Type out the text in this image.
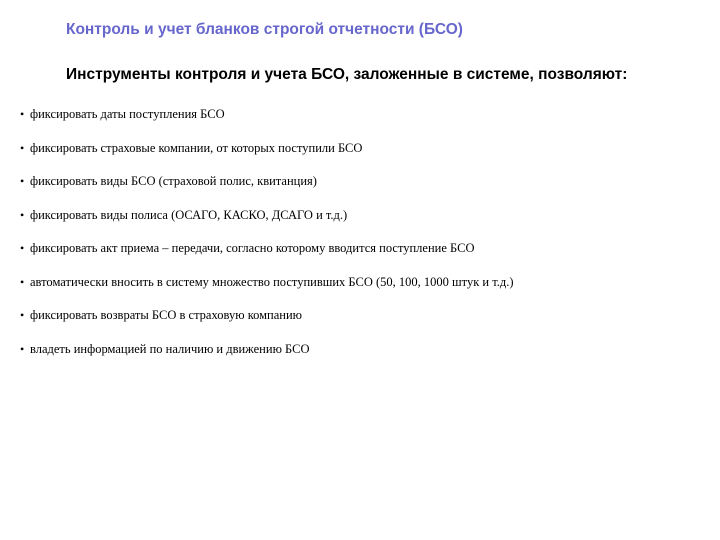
Контроль и учет бланков строгой отчетности (БСО)
Инструменты контроля и учета БСО, заложенные в системе, позволяют:
• фиксировать даты поступления БСО
• фиксировать страховые компании, от которых поступили БСО
• фиксировать виды БСО (страховой полис, квитанция)
• фиксировать виды полиса (ОСАГО, КАСКО, ДСАГО и т.д.)
• фиксировать акт приема – передачи, согласно которому вводится поступление БСО
• автоматически вносить в систему множество поступивших БСО (50, 100, 1000 штук и т.д.)
• фиксировать возвраты БСО в страховую компанию
• владеть информацией по наличию и движению БСО
